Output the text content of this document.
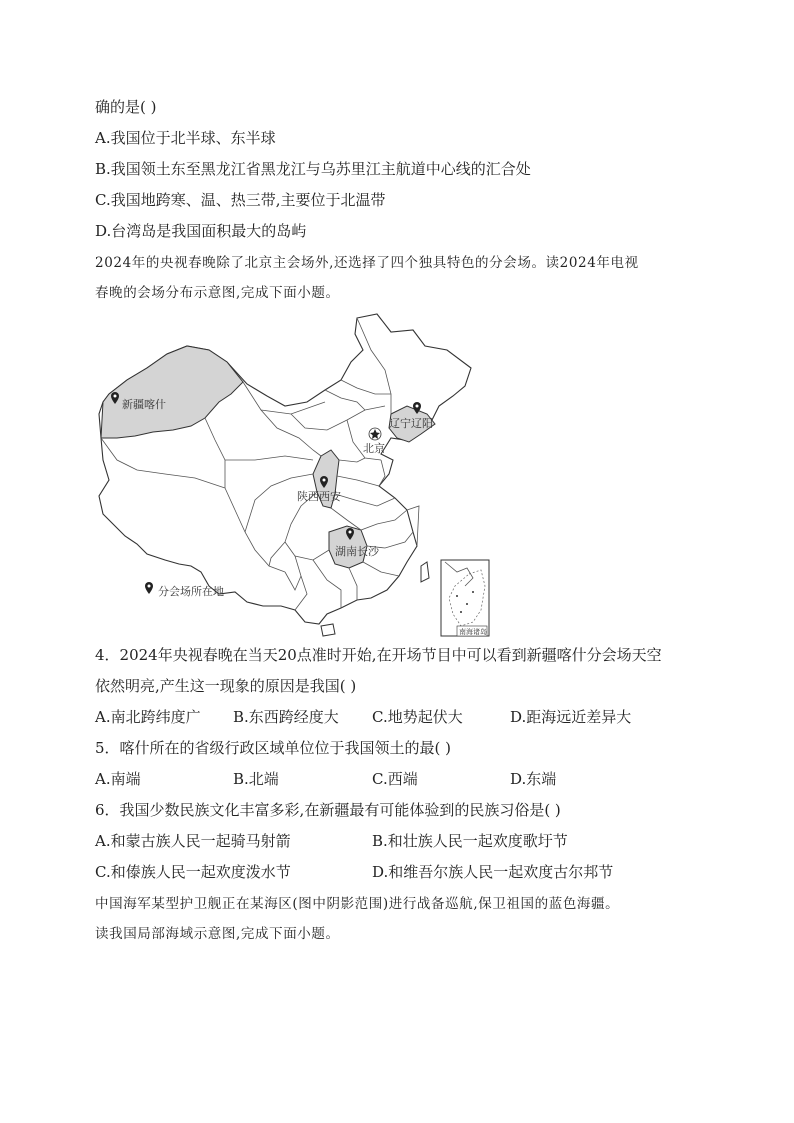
确的是( )
A.我国位于北半球、东半球
B.我国领土东至黑龙江省黑龙江与乌苏里江主航道中心线的汇合处
C.我国地跨寒、温、热三带,主要位于北温带
D.台湾岛是我国面积最大的岛屿
2024年的央视春晚除了北京主会场外,还选择了四个独具特色的分会场。读2024年电视
春晚的会场分布示意图,完成下面小题。
北京
新疆喀什
辽宁辽阳
陕西西安
湖南长沙
分会场所在地
南海诸岛
4．2024年央视春晚在当天20点准时开始,在开场节目中可以看到新疆喀什分会场天空
依然明亮,产生这一现象的原因是我国( )
A.南北跨纬度广 B.东西跨经度大 C.地势起伏大	D.距海远近差异大
5．喀什所在的省级行政区域单位位于我国领土的最( )
A.南端	B.北端	C.西端	D.东端
6．我国少数民族文化丰富多彩,在新疆最有可能体验到的民族习俗是( )
A.和蒙古族人民一起骑马射箭	B.和壮族人民一起欢度歌圩节
C.和傣族人民一起欢度泼水节	D.和维吾尔族人民一起欢度古尔邦节
中国海军某型护卫舰正在某海区(图中阴影范围)进行战备巡航,保卫祖国的蓝色海疆。
读我国局部海域示意图,完成下面小题。
